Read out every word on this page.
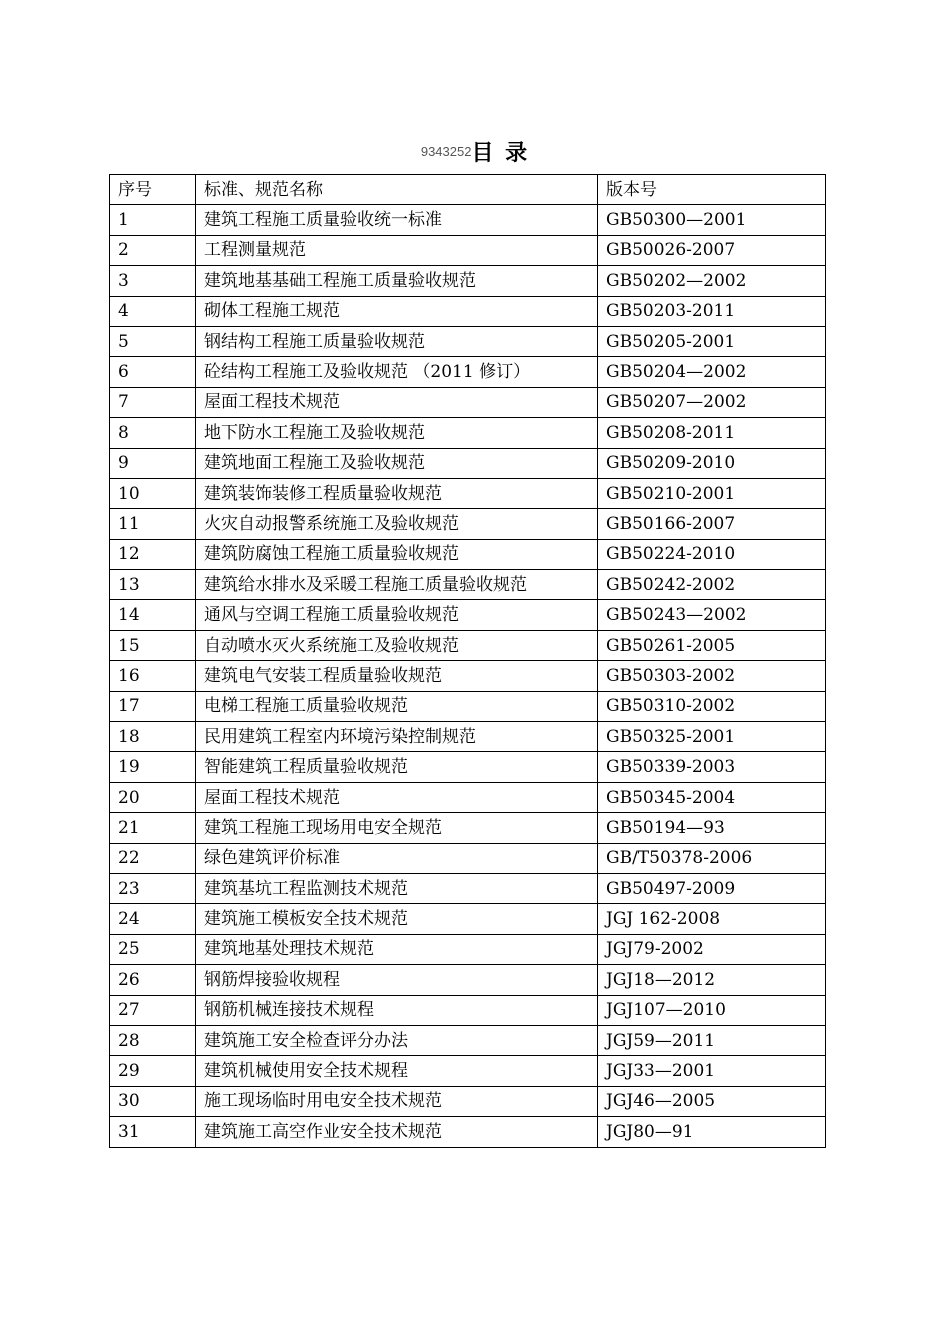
9343252目 录
序号	标准、规范名称	版本号
1	建筑工程施工质量验收统一标准	GB50300—2001
2	工程测量规范	GB50026-2007
3	建筑地基基础工程施工质量验收规范	GB50202—2002
4	砌体工程施工规范	GB50203-2011
5	钢结构工程施工质量验收规范	GB50205-2001
6	砼结构工程施工及验收规范 （2011 修订）	GB50204—2002
7	屋面工程技术规范	GB50207—2002
8	地下防水工程施工及验收规范	GB50208-2011
9	建筑地面工程施工及验收规范	GB50209-2010
10	建筑装饰装修工程质量验收规范	GB50210-2001
11	火灾自动报警系统施工及验收规范	GB50166-2007
12	建筑防腐蚀工程施工质量验收规范	GB50224-2010
13	建筑给水排水及采暖工程施工质量验收规范	GB50242-2002
14	通风与空调工程施工质量验收规范	GB50243—2002
15	自动喷水灭火系统施工及验收规范	GB50261-2005
16	建筑电气安装工程质量验收规范	GB50303-2002
17	电梯工程施工质量验收规范	GB50310-2002
18	民用建筑工程室内环境污染控制规范	GB50325-2001
19	智能建筑工程质量验收规范	GB50339-2003
20	屋面工程技术规范	GB50345-2004
21	建筑工程施工现场用电安全规范	GB50194—93
22	绿色建筑评价标准	GB/T50378-2006
23	建筑基坑工程监测技术规范	GB50497-2009
24	建筑施工模板安全技术规范	JGJ 162-2008
25	建筑地基处理技术规范	JGJ79-2002
26	钢筋焊接验收规程	JGJ18—2012
27	钢筋机械连接技术规程	JGJ107—2010
28	建筑施工安全检查评分办法	JGJ59—2011
29	建筑机械使用安全技术规程	JGJ33—2001
30	施工现场临时用电安全技术规范	JGJ46—2005
31	建筑施工高空作业安全技术规范	JGJ80—91
